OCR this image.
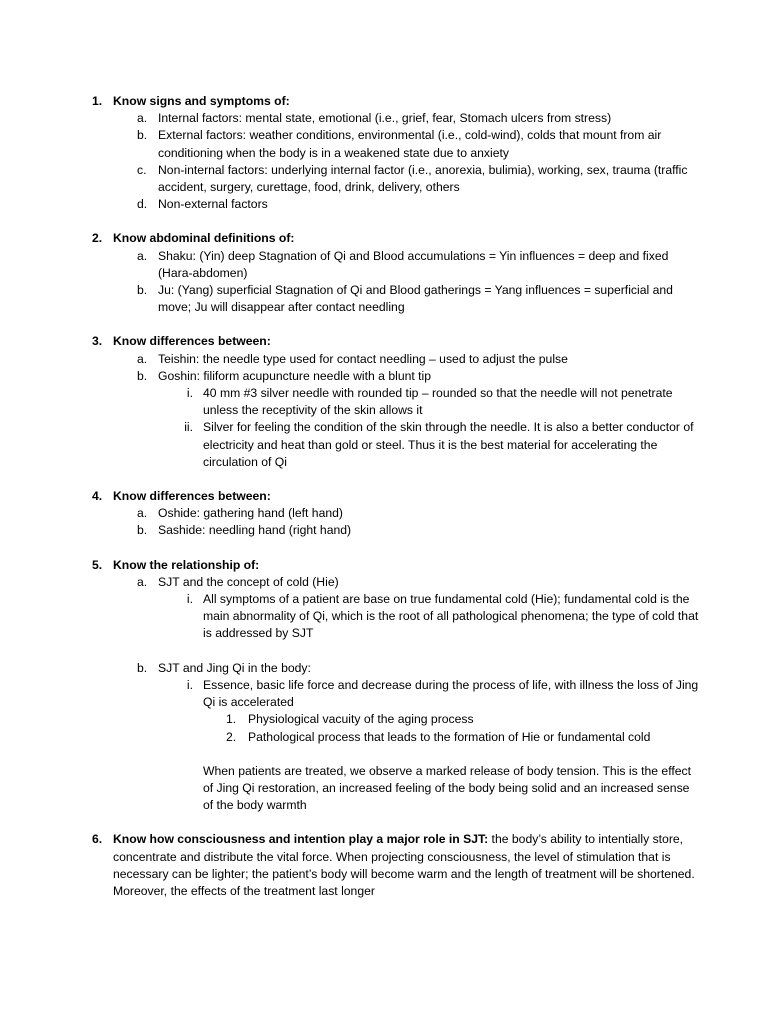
1. Know signs and symptoms of:
a. Internal factors: mental state, emotional (i.e., grief, fear, Stomach ulcers from stress)
b. External factors: weather conditions, environmental (i.e., cold-wind), colds that mount from air conditioning when the body is in a weakened state due to anxiety
c. Non-internal factors: underlying internal factor (i.e., anorexia, bulimia), working, sex, trauma (traffic accident, surgery, curettage, food, drink, delivery, others
d. Non-external factors
2. Know abdominal definitions of:
a. Shaku: (Yin) deep Stagnation of Qi and Blood accumulations = Yin influences = deep and fixed (Hara-abdomen)
b. Ju: (Yang) superficial Stagnation of Qi and Blood gatherings = Yang influences = superficial and move; Ju will disappear after contact needling
3. Know differences between:
a. Teishin: the needle type used for contact needling – used to adjust the pulse
b. Goshin: filiform acupuncture needle with a blunt tip
i. 40 mm #3 silver needle with rounded tip – rounded so that the needle will not penetrate unless the receptivity of the skin allows it
ii. Silver for feeling the condition of the skin through the needle. It is also a better conductor of electricity and heat than gold or steel. Thus it is the best material for accelerating the circulation of Qi
4. Know differences between:
a. Oshide: gathering hand (left hand)
b. Sashide: needling hand (right hand)
5. Know the relationship of:
a. SJT and the concept of cold (Hie)
i. All symptoms of a patient are base on true fundamental cold (Hie); fundamental cold is the main abnormality of Qi, which is the root of all pathological phenomena; the type of cold that is addressed by SJT
b. SJT and Jing Qi in the body:
i. Essence, basic life force and decrease during the process of life, with illness the loss of Jing Qi is accelerated
1. Physiological vacuity of the aging process
2. Pathological process that leads to the formation of Hie or fundamental cold
When patients are treated, we observe a marked release of body tension. This is the effect of Jing Qi restoration, an increased feeling of the body being solid and an increased sense of the body warmth
6. Know how consciousness and intention play a major role in SJT: the body’s ability to intentially store, concentrate and distribute the vital force. When projecting consciousness, the level of stimulation that is necessary can be lighter; the patient’s body will become warm and the length of treatment will be shortened. Moreover, the effects of the treatment last longer
